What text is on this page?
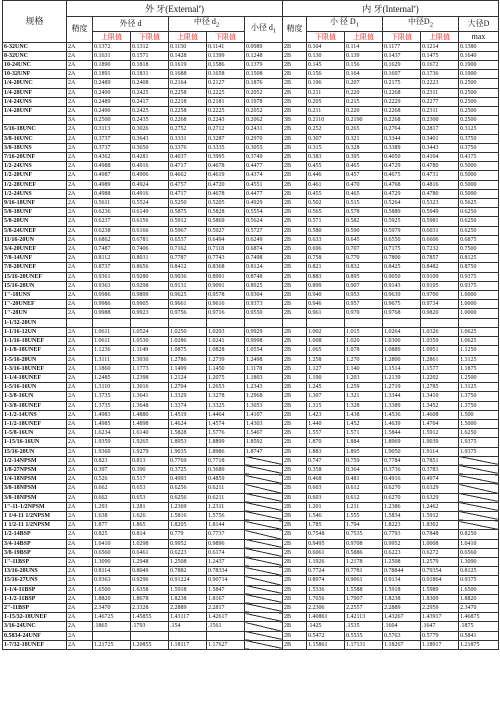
规格	外 牙(External$^e$)						内 牙(Internal$^e$)					
	精度	外径 d		中径 $d_2$		小径 $d_1$	精度	小 径 $D_1$		中径$D_2$		大径D
		上限值	下限值	上限值	下限值			下限值	上限值	下限值	上限值	max
6-32UNC	2A	0.1372	0.1312	0.1150	0.1141	0.0989	2B	0.104	0.114	0.1177	0.1214	0.1380
8-32UNC	2A	0.1631	0.1571	0.1428	0.1399	0.1248	2B	0.130	0.139	0.1437	0.1475	0.1640
10-24UNC	2A	0.1890	0.1818	0.1619	0.1586	0.1379	2B	0.145	0.156	0.1629	0.1672	0.1900
10-32UNF	2A	0.1891	0.1831	0.1688	0.1658	0.1508	2B	0.156	0.164	0.1697	0.1736	0.1900
1/4-20UNC	2A	0.2489	0.2408	0.2164	0.2127	0.1876	2B	0.196	0.207	0.2175	0.2223	0.2500
1/4-28UNF	2A	0.2490	0.2425	0.2258	0.2225	0.2052	2B	0.211	0.220	0.2268	0.2311	0.2500
1/4-24UNS	2A	0.2489	0.2417	0.2218	0.2181	0.1978	2B	0.205	0.215	0.2229	0.2277	0.2500
1/4-28UNF	2A	0.2490	0.2425	0.2258	0.2225	0.2052	2B	0.211	0.220	0.2268	0.2311	0.2500
	3A	0.2500	0.2435	0.2268	0.2243	0.2062	3B	0.2110	0.2190	0.2268	0.2300	0.2500
5/16-18UNC	2A	0.3113	0.3026	0.2752	0.2712	0.2431	2B	0.252	0.265	0.2764	0.2817	0.3125
3/8-16UNC	2A	0.3737	0.3643	0.3331	0.3287	0.2970	2B	0.307	0.321	0.3344	0.3401	0.3750
3/8-18UNS	2A	0.3737	0.3650	0.3376	0.3335	0.3055	2B	0.315	0.328	0.3389	0.3443	0.3750
7/16-20UNF	2A	0.4362	0.4281	0.4037	0.3995	0.3749	2B	0.383	0.395	0.4050	0.4104	0.4375
1/2-24UNS	2A	0.4988	0.4916	0.4717	0.4678	0.4477	2B	0.455	0.465	0.4729	0.4780	0.5000
1/2-20UNF	2A	0.4987	0.4906	0.4662	0.4619	0.4374	2B	0.446	0.457	0.4675	0.4731	0.5000
1/2-28UNEF	2A	0.4989	0.4924	0.4757	0.4720	0.4551	2B	0.461	0.470	0.4768	0.4816	0.5000
1/2-24UNS	2A	0.4988	0.4916	0.4717	0.4678	0.4477	2B	0.455	0.465	0.4729	0.4780	0.5000
9/16-18UNF	2A	0.5611	0.5524	0.5250	0.5205	0.4929	2B	0.502	0.515	0.5264	0.5323	0.5625
5/8-18UNF	2A	0.6236	0.6149	0.5875	0.5828	0.5554	2B	0.565	0.578	0.5889	0.5949	0.6250
5/8-20UN	2A	0.6237	0.6156	0.5912	0.5869	0.5624	2B	0.571	0.582	0.5925	0.5981	0.6250
5/8-24UNEF	2A	0.6238	0.6166	0.5967	0.5927	0.5727	2B	0.580	0.590	0.5979	0.6031	0.6250
11/16-20UN	2A	0.6862	0.6781	0.6537	0.6494	0.6249	2B	0.633	0.645	0.6550	0.6606	0.6875
3/4-20UNEF	2A	0.7487	0.7406	0.7162	0.7118	0.6874	2B	0.696	0.707	0.7175	0.7232	0.7500
7/8-14UNF	2A	0.8112	0.8031	0.7787	0.7743	0.7498	2B	0.758	0.770	0.7800	0.7857	0.8125
7/8-20UNEF	2A	0.8737	0.8656	0.8412	0.8368	0.8124	2B	0.821	0.832	0.8425	0.8482	0.8750
15/16-20UNEF	2A	0.9361	0.9280	0.9036	0.8991	0.8748	2B	0.883	0.895	0.9050	0.9109	0.9375
15/16-28UN	2A	0.9363	0.9298	0.9131	0.9091	0.8925	2B	0.899	0.907	0.9143	0.9195	0.9375
1"-18UNS	2A	0.9986	0.9899	0.9625	0.9578	0.9304	2B	0.940	0.953	0.9639	0.9700	1.0000
1"-20UNEF	2A	0.9986	0.9905	0.9661	0.9616	0.9373	2B	0.946	0.957	0.9675	0.9734	1.0000
1"-28UN	2A	0.9988	0.9923	0.9756	0.9716	0.9550	2B	0.961	0.970	0.9768	0.9820	1.0000
1-1/32-20UN												
1-1/16-12UN	2A	1.0611	1.0524	1.0250	1.0203	0.9929	2B	1.002	1.015	1.0264	1.0326	1.0625
1-1/16-18UNEF	2A	1.0611	1.0530	1.0286	1.0241	0.9998	2B	1.008	1.020	1.0300	1.0359	1.0625
1-1/8-18UNEF	2A	1.1236	1.1149	1.0875	1.0828	1.0554	2B	1.065	1.078	1.0889	1.0951	1.1250
1-5/16-20UN	2A	1.3111	1.3030	1.2786	1.2739	1.2498	2B	1.258	1.270	1.2800	1.2861	1.3125
1-3/16-18UNEF	2A	1.1860	1.1773	1.1499	1.1450	1.1178	2B	1.127	1.140	1.1514	1.1577	1.1875
1-1/4-18UNEF	2A	1.2485	1.2398	1.2124	1.2075	1.1803	2B	1.190	1.203	1.2139	1.2202	1.2500
1-5/16-16UN	2A	1.3110	1.3016	1.2704	1.2653	1.2343	2B	1.245	1.259	1.2719	1.2785	1.3125
1-3/8-16UN	2A	1.3735	1.3641	1.3329	1.3278	1.2968	2B	1.307	1.321	1.3344	1.3410	1.3750
1-3/8-18UNEF	2A	1.3735	1.3648	1.3374	1.3325	1.3053	2B	1.315	1.328	1.3389	1.3452	1.3750
1-1/2-14UNS	2A	1.4983	1.4880	1.4519	1.4464	1.4107	2B	1.423	1.438	1.4536	1.4608	1.500
1-1/2-18UNEF	2A	1.4985	1.4898	1.4624	1.4574	1.4303	2B	1.440	1.452	1.4639	1.4704	1.5000
1-5/8-16UN	2A	1.6234	1.6140	1.5828	1.5776	1.5467	2B	1.557	1.571	1.5844	1.5912	1.6250
1-15/16-16UN	2A	1.9359	1.9265	1.8953	1.8899	1.8592	2B	1.870	1.884	1.8969	1.9039	1.9375
15/16-20UN	2A	1.9360	1.9279	1.9035	1.8986	1.8747	2B	1.883	1.895	1.9050	1.9114	1.9375
1/2-14NPSM	2A	0.823	0.813	0.7769	0.7718		2B	0.747	0.759	0.7784	0.7851	
1/8-27NPSM	2A	0.397	0.390	0.3725	0.3689		2B	0.358	0.364	0.3736	0.3783	
1/4-18NPSM	2A	0.526	0.517	0.4993	0.4859		2B	0.468	0.481	0.4916	0.4974	
3/8-18NPSM	2A	0.662	0.653	0.6256	0.6211		2B	0.603	0.612	0.6270	0.6329	
3/8-18NPSM	2A	0.662	0.653	0.6256	0.6211		2B	0.603	0.612	0.6270	0.6329	
1"-11-1/2NPSM	2A	1.293	1.281	1.2369	1.2311		2B	1.201	1.211	1.2386	1.2462	
1 1/4-11 1/2NPSM	2A	1.638	1.626	1.5816	1.5756		2B	1.546	1.555	1.5834	1.5912	
1 1/2-11 1/2NPSM	2A	1.877	1.865	1.8205	1.8144		2B	1.785	1.794	1.8223	1.8302	
1/2-14BSP	2A	0.825	0.814	0.779	0.7737		2B	0.7548	0.7535	0.7793	0.7848	0.8250
3/4-14BSP	2A	1.0410	1.0298	0.9952	0.9896		2B	0.9495	0.9708	0.9952	1.0008	1.0410
3/8-19BSP	2A	0.6560	0.6461	0.6223	0.6174		2B	0.6061	0.5886	0.6223	0.6272	0.6560
1"-11BSP	2A	1.3090	1.2948	1.2508	1.2437		2B	1.1926	1.2178	1.2508	1.2579	1.3090
13/16-28UNS	2A	0.8114	0.8049	0.7882	0.78334		2B	0.7724	0.7781	0.78844	0.79354	0.8125
15/16-27UNS	2A	0.9363	0.9296	0.91224	0.90714		2B	0.8974	0.9061	0.9134	0.91864	0.9375
1-1/4-11BSP	2A	1.6500	1.6358	1.5918	1.5847		2B	1.5336	1.5588	1.5918	1.5989	1.6500
1-1/2-11BSP	2A	1.8820	1.8678	1.8238	1.8167		2B	1.7656	1.7907	1.8238	1.8309	1.8820
2"-11BSP	2A	2.3470	2.3328	2.2889	2.2817		2B	2.2306	2.2557	2.2889	2.2959	2.3470
1-15/32-18UNEF	2A	1.46725	1.45855	1.43117	1.42617		2B	1.40861	1.42113	1.43267	1.43917	1.46875
3/16-24UNC	2A	.1865	.1793	.154	.1561		2B	.1425	.1535	.1604	.1647	.1875
0.5834-24UNF	2A						2B	0.5472	0.5535	0.5763	0.5779	0.5841
1-7/32-18UNEF	2A	1.21725	1.20855	1.18117	1.17627		2B	1.15861	1.17131	1.18267	1.18917	1.21875
